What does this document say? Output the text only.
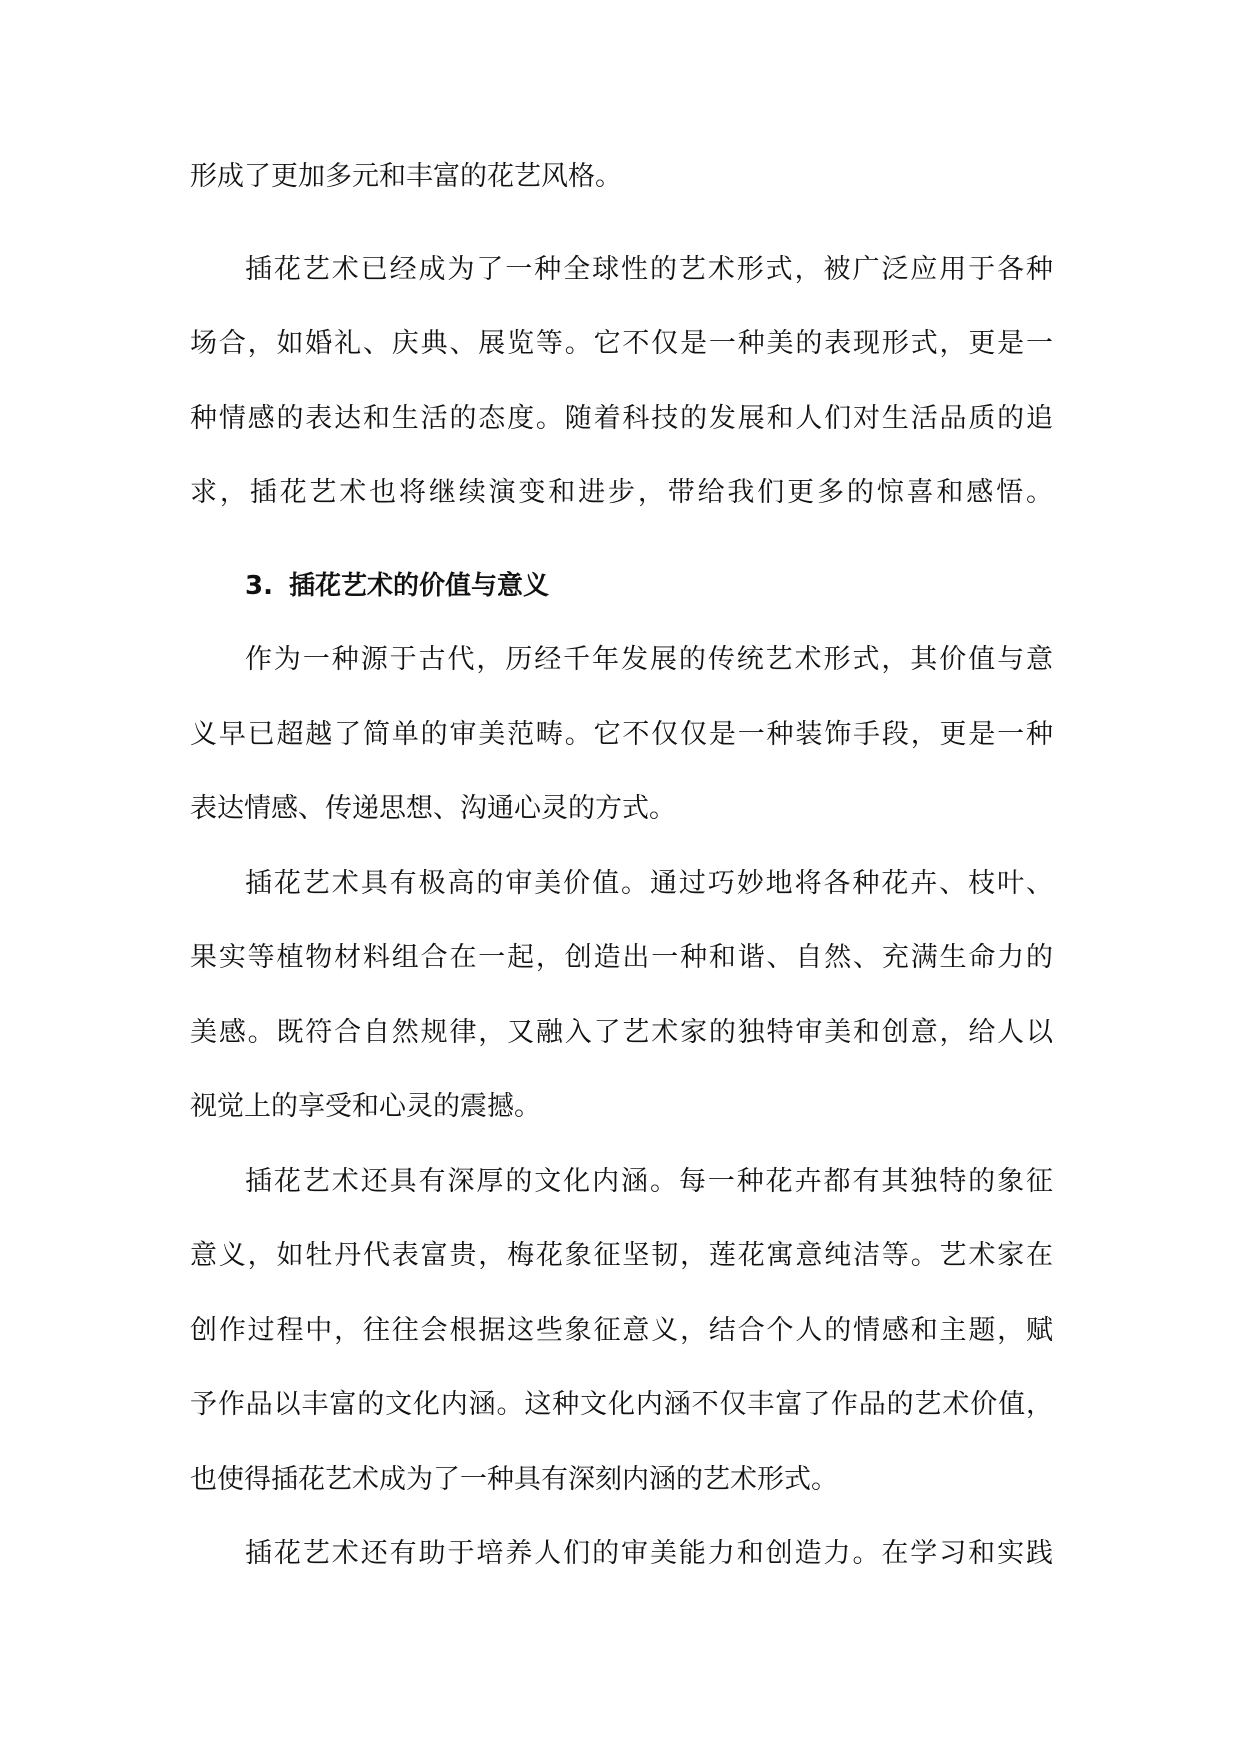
形成了更加多元和丰富的花艺风格。
插花艺术已经成为了一种全球性的艺术形式，被广泛应用于各种
场合，如婚礼、庆典、展览等。它不仅是一种美的表现形式，更是一
种情感的表达和生活的态度。随着科技的发展和人们对生活品质的追
求，插花艺术也将继续演变和进步，带给我们更多的惊喜和感悟。
3. 插花艺术的价值与意义
作为一种源于古代，历经千年发展的传统艺术形式，其价值与意
义早已超越了简单的审美范畴。它不仅仅是一种装饰手段，更是一种
表达情感、传递思想、沟通心灵的方式。
插花艺术具有极高的审美价值。通过巧妙地将各种花卉、枝叶、
果实等植物材料组合在一起，创造出一种和谐、自然、充满生命力的
美感。既符合自然规律，又融入了艺术家的独特审美和创意，给人以
视觉上的享受和心灵的震撼。
插花艺术还具有深厚的文化内涵。每一种花卉都有其独特的象征
意义，如牡丹代表富贵，梅花象征坚韧，莲花寓意纯洁等。艺术家在
创作过程中，往往会根据这些象征意义，结合个人的情感和主题，赋
予作品以丰富的文化内涵。这种文化内涵不仅丰富了作品的艺术价值，
也使得插花艺术成为了一种具有深刻内涵的艺术形式。
插花艺术还有助于培养人们的审美能力和创造力。在学习和实践
